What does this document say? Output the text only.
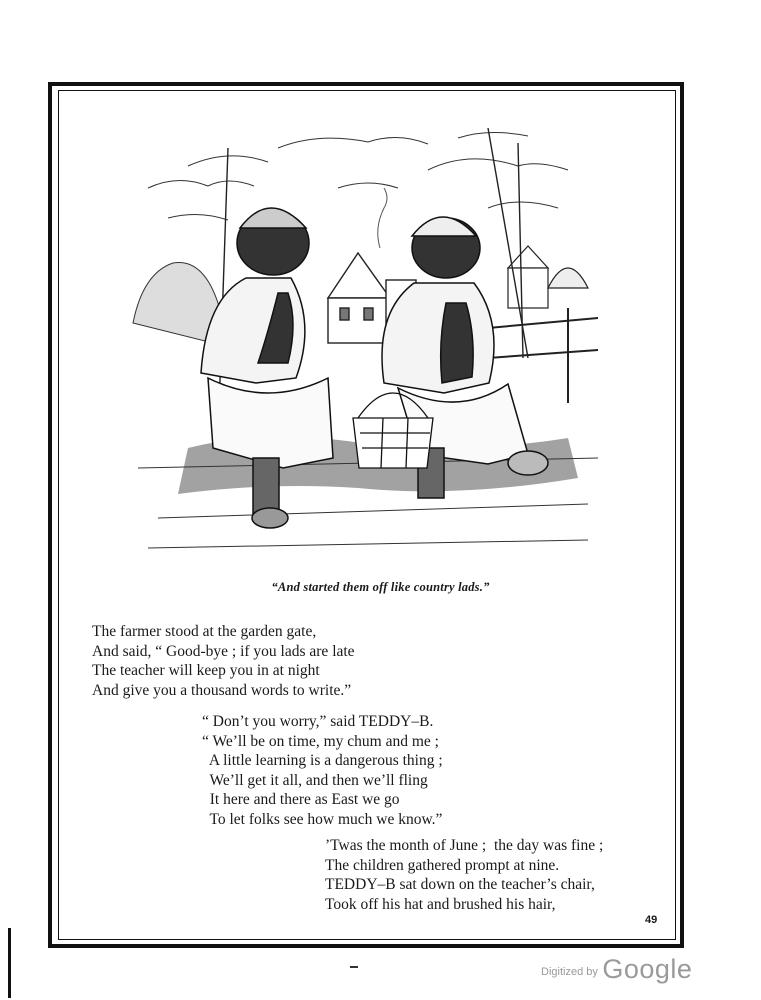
“And started them off like country lads.”
The farmer stood at the garden gate,
And said, “ Good-bye ; if you lads are late
The teacher will keep you in at night
And give you a thousand words to write.”
“ Don’t you worry,” said TEDDY–B.
“ We’ll be on time, my chum and me ;
A little learning is a dangerous thing ;
We’ll get it all, and then we’ll fling
It here and there as East we go
To let folks see how much we know.”
’Twas the month of June ;  the day was fine ;
The children gathered prompt at nine.
TEDDY–B sat down on the teacher’s chair,
Took off his hat and brushed his hair,
49
Digitized by Google
